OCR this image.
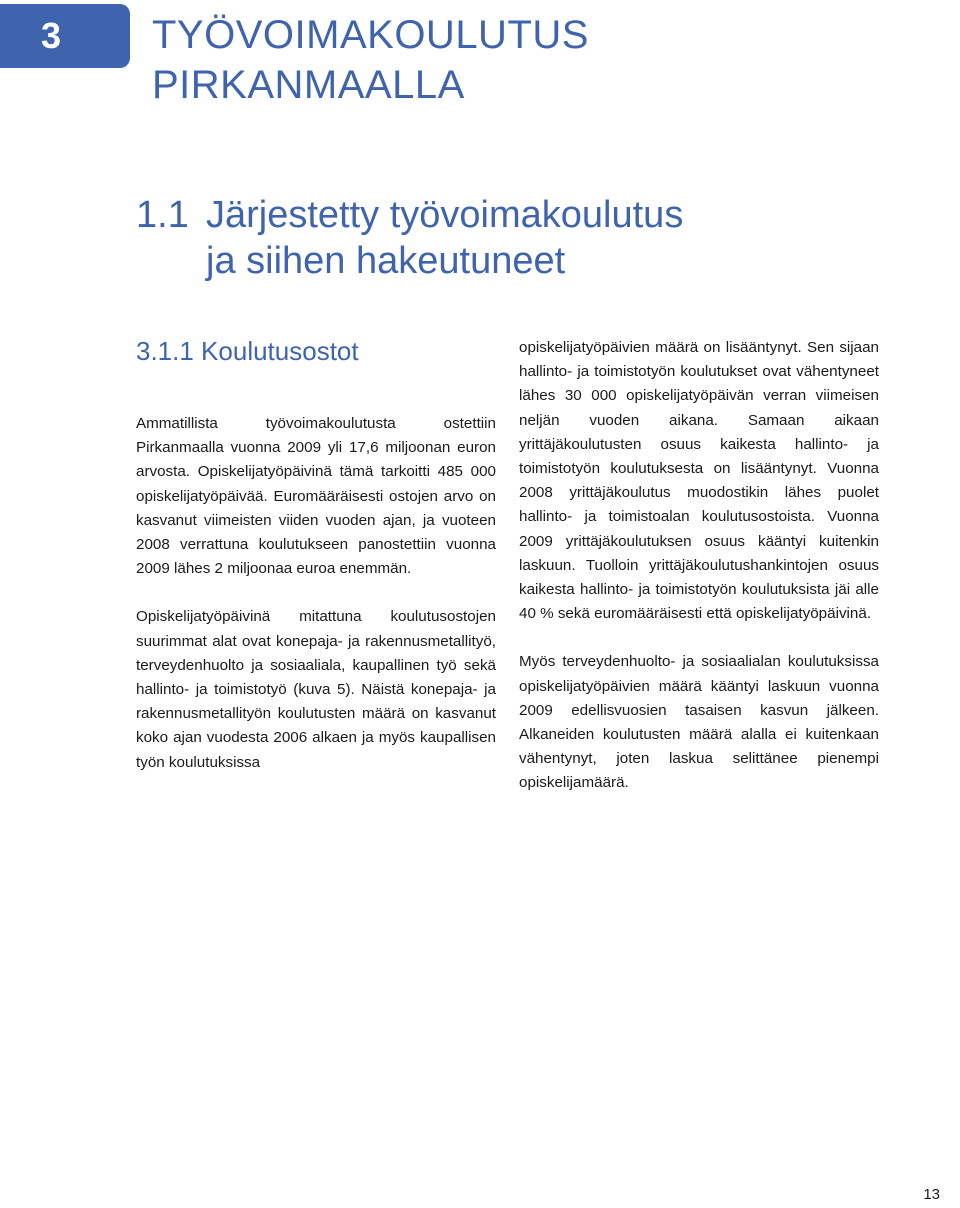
3 TYÖVOIMAKOULUTUS
PIRKANMAALLA
1.1 Järjestetty työvoimakoulutus
ja siihen hakeutuneet
3.1.1 Koulutusostot

Ammatillista työvoimakoulutusta ostettiin Pirkanmaalla vuonna 2009 yli 17,6 miljoonan euron arvosta. Opiskelijatyöpäivinä tämä tarkoitti 485 000 opiskelijatyöpäivää. Euromääräisesti ostojen arvo on kasvanut viimeisten viiden vuoden ajan, ja vuoteen 2008 verrattuna koulutukseen panostettiin vuonna 2009 lähes 2 miljoonaa euroa enemmän.

Opiskelijatyöpäivinä mitattuna koulutusostojen suurimmat alat ovat konepaja- ja rakennusmetallityö, terveydenhuolto ja sosiaaliala, kaupallinen työ sekä hallinto- ja toimistotyö (kuva 5). Näistä konepaja- ja rakennusmetallityön koulutusten määrä on kasvanut koko ajan vuodesta 2006 alkaen ja myös kaupallisen työn koulutuksissa

opiskelijatyöpäivien määrä on lisääntynyt. Sen sijaan hallinto- ja toimistotyön koulutukset ovat vähentyneet lähes 30 000 opiskelijatyöpäivän verran viimeisen neljän vuoden aikana. Samaan aikaan yrittäjäkoulutusten osuus kaikesta hallinto- ja toimistotyön koulutuksesta on lisääntynyt. Vuonna 2008 yrittäjäkoulutus muodostikin lähes puolet hallinto- ja toimistoalan koulutusostoista. Vuonna 2009 yrittäjäkoulutuksen osuus kääntyi kuitenkin laskuun. Tuolloin yrittäjäkoulutushankintojen osuus kaikesta hallinto- ja toimistotyön koulutuksista jäi alle 40 % sekä euromääräisesti että opiskelijatyöpäivinä.

Myös terveydenhuolto- ja sosiaalialan koulutuksissa opiskelijatyöpäivien määrä kääntyi laskuun vuonna 2009 edellisvuosien tasaisen kasvun jälkeen. Alkaneiden koulutusten määrä alalla ei kuitenkaan vähentynyt, joten laskua selittänee pienempi opiskelijamäärä.

13
